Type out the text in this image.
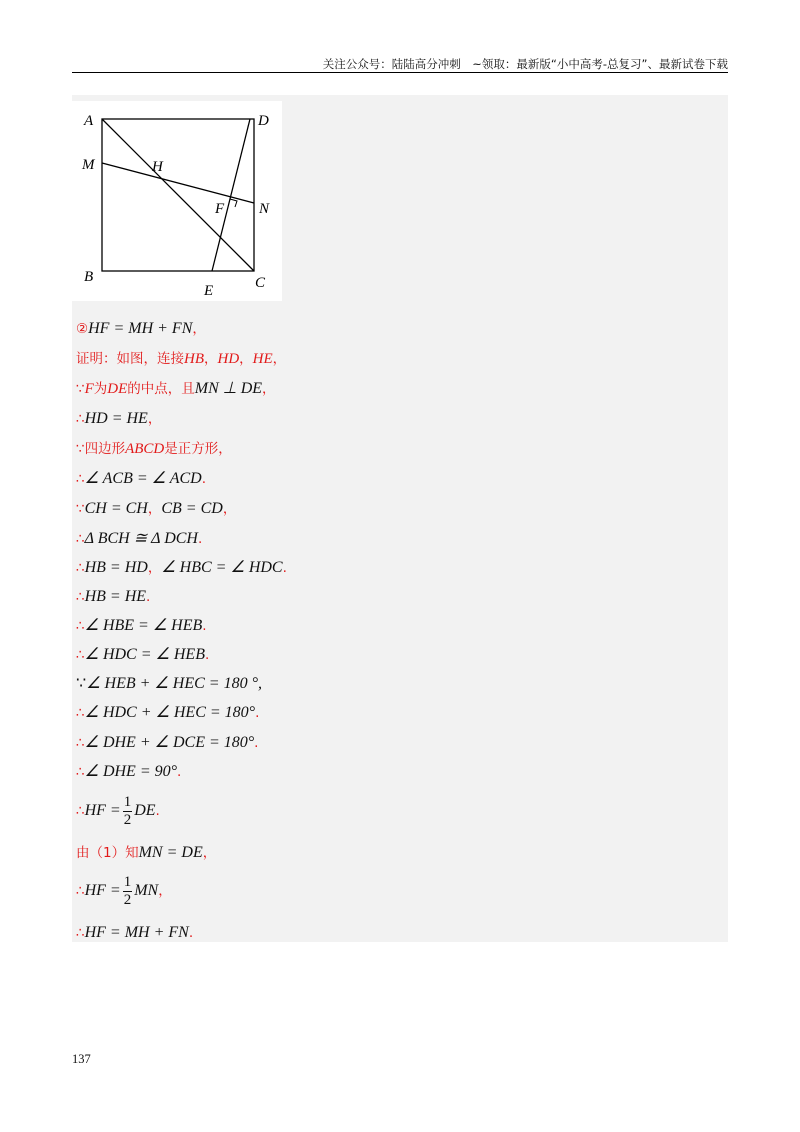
关注公众号：陆陆高分冲刺　~领取：最新版“小中高考-总复习”、最新试卷下载
A	D
M	H
F N
B
E	C
②HF = MH + FN，
证明：如图，连接HB，HD，HE，
∵F为DE的中点，且MN ⊥ DE，
∴HD = HE，
∵四边形ABCD是正方形，
∴∠ ACB = ∠ ACD.
∵CH = CH，CB = CD，
∴Δ BCH ≅ Δ DCH.
∴HB = HD，∠ HBC = ∠ HDC.
∴HB = HE.
∴∠ HBE = ∠ HEB.
∴∠ HDC = ∠ HEB.
∵∠ HEB + ∠ HEC = 180 °,
∴∠ HDC + ∠ HEC = 180°.
∴∠ DHE + ∠ DCE = 180°.
∴∠ DHE = 90°.
∴HF = $\frac{1}{2}$ DE.
由（1）知MN = DE，
∴HF = $\frac{1}{2}$ MN，
∴HF = MH + FN.
137
